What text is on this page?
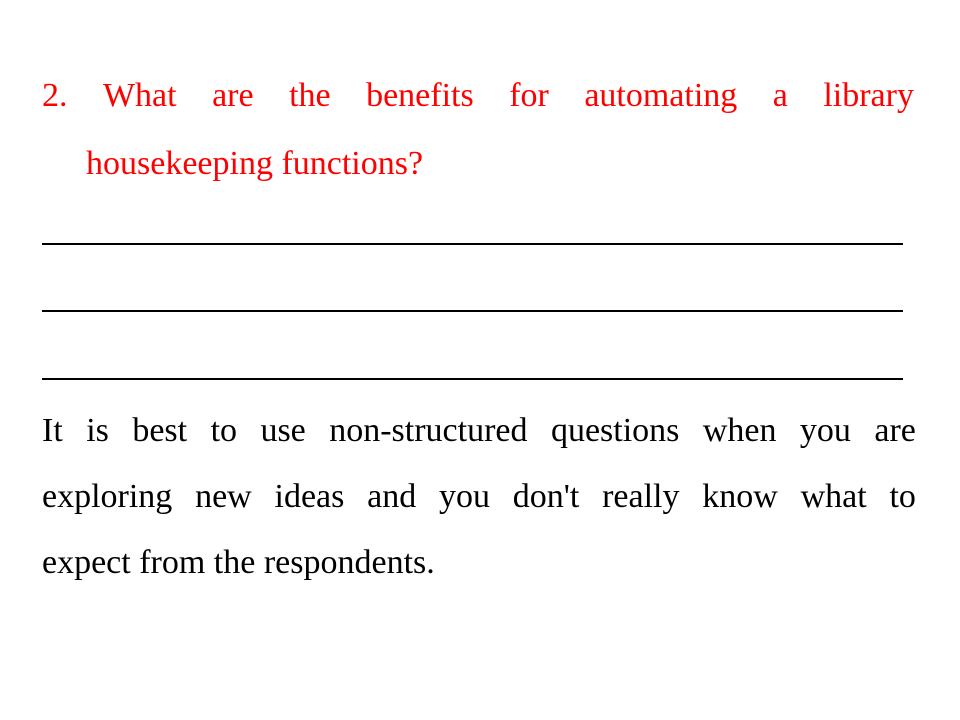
2. What are the benefits for automating a library
housekeeping functions?
It is best to use non-structured questions when you are
exploring new ideas and you don't really know what to
expect from the respondents.
